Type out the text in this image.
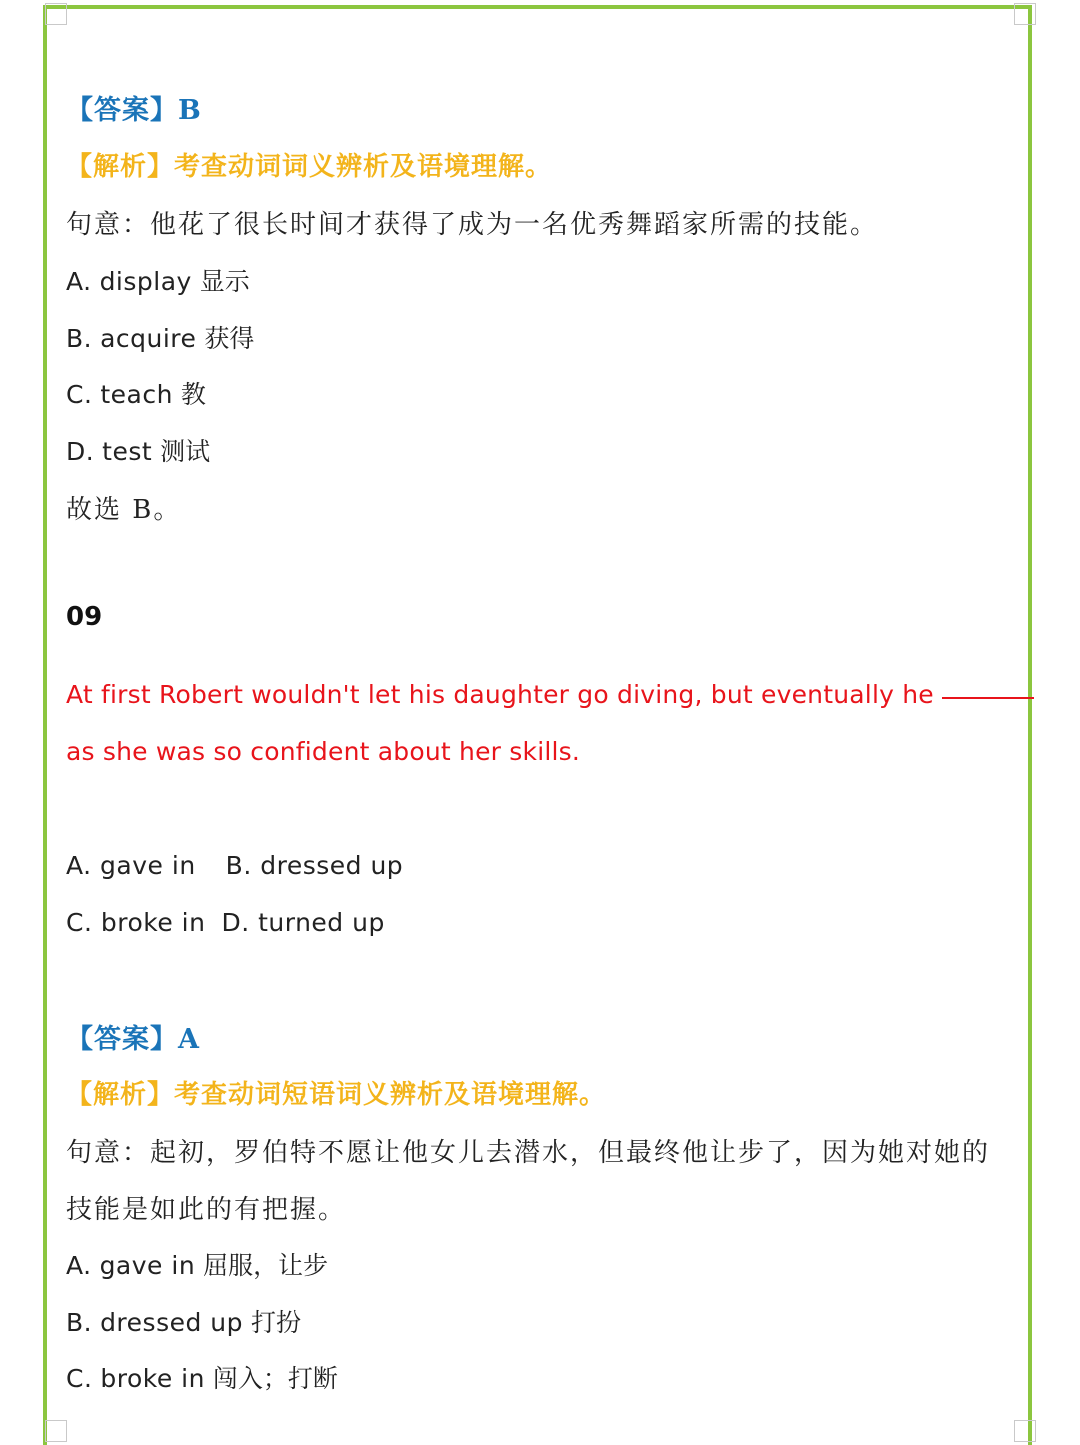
【答案】B
【解析】考查动词词义辨析及语境理解。
句意：他花了很长时间才获得了成为一名优秀舞蹈家所需的技能。
A. display 显示
B. acquire 获得
C. teach 教
D. test 测试
故选 B。
09
At first Robert wouldn't let his daughter go diving, but eventually he
as she was so confident about her skills.
A. gave in B. dressed up
C. broke in D. turned up
【答案】A
【解析】考查动词短语词义辨析及语境理解。
句意：起初，罗伯特不愿让他女儿去潜水，但最终他让步了，因为她对她的
技能是如此的有把握。
A. gave in 屈服，让步
B. dressed up 打扮
C. broke in 闯入；打断
